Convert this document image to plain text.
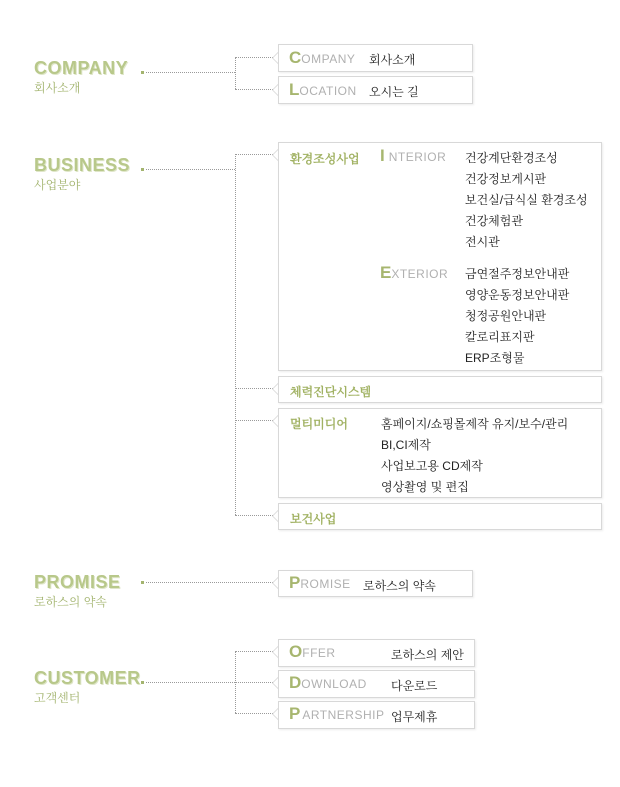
COMPANY
회사소개
COMPANY 회사소개
LOCATION 오시는 길
BUSINESS
사업분야
환경조성사업 I NTERIOR 건강계단환경조성
건강정보게시판
보건실/급식실 환경조성
건강체험관
전시관
EXTERIOR 금연절주정보안내판
영양운동정보안내판
청정공원안내판
칼로리표지판
ERP조형물
체력진단시스템
멀티미디어	홈페이지/쇼핑몰제작 유지/보수/관리
BI,CI제작
사업보고용 CD제작
영상촬영 및 편집
보건사업
PROMISE
로하스의 약속
PROMISE 로하스의 약속
CUSTOMER
고객센터
OFFER	로하스의 제안
DOWNLOAD 다운로드
P ARTNERSHIP 업무제휴
